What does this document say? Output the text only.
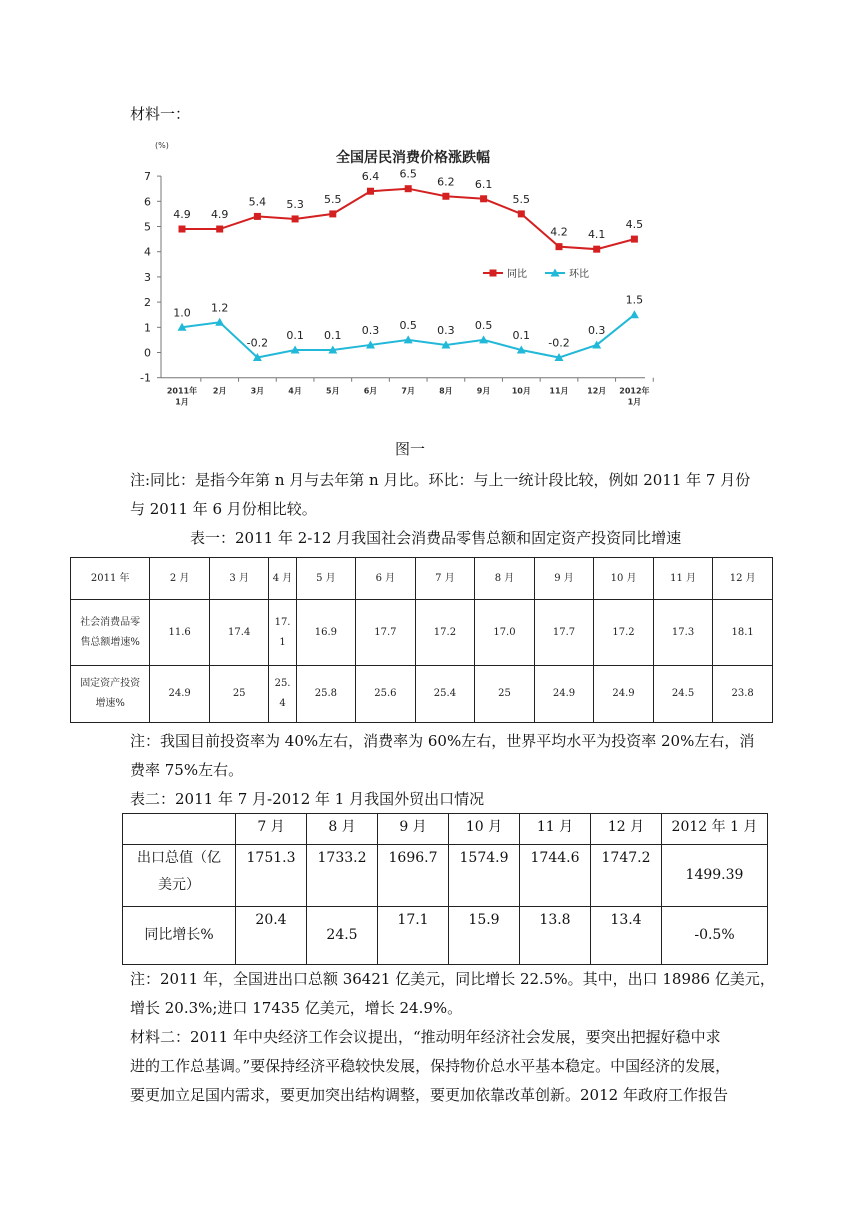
材料一：
全国居民消费价格涨跌幅
(%)
-1
0
1
2
3
4
5
6
7
2011年
1月
2月	3月	4月	5月	6月	7月	8月	9月	10月 11月 12月 2012年
1月
4.9 4.9
5.4 5.3 5.5
6.4 6.5
6.2 6.1
5.5
4.2 4.1
4.5
1.0 1.2
-0.2
0.1 0.1 0.3 0.5 0.3 0.5
0.1
-0.2
0.3
1.5
同比	环比
图一
注:同比：是指今年第 n 月与去年第 n 月比。环比：与上一统计段比较，例如 2011 年 7 月份
与 2011 年 6 月份相比较。
表一：2011 年 2-12 月我国社会消费品零售总额和固定资产投资同比增速
2011 年	2 月	3 月	4 月	5 月	6 月	7 月	8 月	9 月	10 月	11 月	12 月
社会消费品零
售总额增速%	11.6	17.4	17.
1	16.9	17.7	17.2	17.0	17.7	17.2	17.3	18.1
固定资产投资
增速%	24.9	25	25.
4	25.8	25.6	25.4	25	24.9	24.9	24.5	23.8
注：我国目前投资率为 40%左右，消费率为 60%左右，世界平均水平为投资率 20%左右，消
费率 75%左右。
表二：2011 年 7 月-2012 年 1 月我国外贸出口情况
	7 月	8 月	9 月	10 月	11 月	12 月	2012 年 1 月
出口总值（亿
美元）	1751.3	1733.2	1696.7	1574.9	1744.6	1747.2	1499.39
同比增长%	20.4	24.5	17.1	15.9	13.8	13.4	-0.5%
注：2011 年，全国进出口总额 36421 亿美元，同比增长 22.5%。其中，出口 18986 亿美元，
增长 20.3%;进口 17435 亿美元，增长 24.9%。
材料二：2011 年中央经济工作会议提出，“推动明年经济社会发展，要突出把握好稳中求
进的工作总基调。”要保持经济平稳较快发展，保持物价总水平基本稳定。中国经济的发展，
要更加立足国内需求，要更加突出结构调整，要更加依靠改革创新。2012 年政府工作报告
